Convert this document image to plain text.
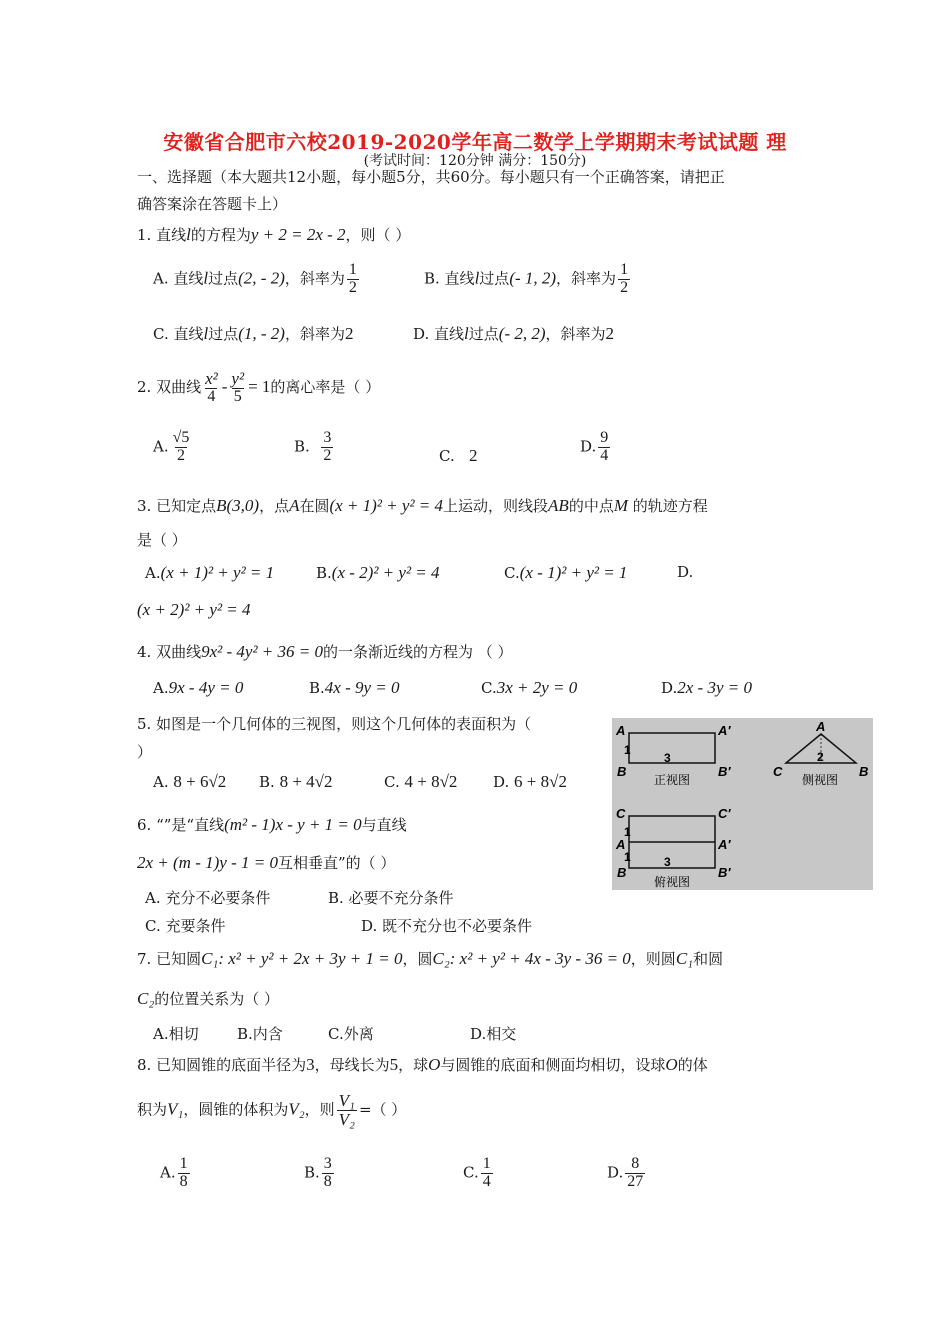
安徽省合肥市六校2019-2020学年高二数学上学期期末考试试题 理
(考试时间：120分钟 满分：150分)
一、选择题（本大题共12小题，每小题5分，共60分。每小题只有一个正确答案，请把正
确答案涂在答题卡上）
1. 直线l的方程为y + 2 = 2x - 2，则（ ）
A. 直线l过点(2, - 2)，斜率为 $\frac{1}{2}$	B. 直线l过点(- 1, 2)，斜率为 $\frac{1}{2}$
C. 直线l过点(1, - 2)，斜率为2	D. 直线l过点(- 2, 2)，斜率为2
2. 双曲线 $\frac{\text{x²}}{4} - \frac{\text{y²}}{5} = 1$的离心率是（ ）
A. $\frac{√5}{2}$	B. $\frac{3}{2}$	C. 2	D. $\frac{9}{4}$
3. 已知定点B(3,0)，点A在圆(x + 1)² + y² = 4上运动，则线段AB的中点M 的轨迹方程
是（ ）
A.(x + 1)² + y² = 1	B.(x - 2)² + y² = 4	C.(x - 1)² + y² = 1	D.
(x + 2)² + y² = 4
4. 双曲线9x² - 4y² + 36 = 0的一条渐近线的方程为 （ ）
A.9x - 4y = 0	B.4x - 9y = 0	C.3x + 2y = 0	D.2x - 3y = 0
5. 如图是一个几何体的三视图，则这个几何体的表面积为（
）
A. 8 + 6√2 B. 8 + 4√2	C. 4 + 8√2 D. 6 + 8√2
A	A′
B	B′
1
3
正视图
A
C	B
2
侧视图
C	C′
A	A′
B	B′
1
1	3
俯视图
6. “”是“直线(m² - 1)x - y + 1 = 0与直线
2x + (m - 1)y - 1 = 0互相垂直”的（ ）
A. 充分不必要条件	B. 必要不充分条件
C. 充要条件	D. 既不充分也不必要条件
7. 已知圆C₁: x² + y² + 2x + 3y + 1 = 0，圆C₂: x² + y² + 4x - 3y - 36 = 0，则圆C₁和圆
C₂的位置关系为（ ）
A.相切	B.内含	C.外离	D.相交
8. 已知圆锥的底面半径为3，母线长为5，球O与圆锥的底面和侧面均相切，设球O的体
积为V₁，圆锥的体积为V₂，则 $\frac{\text{V₁}}{\text{V₂}}$ =（ ）
A. $\frac{1}{8}$	B. $\frac{3}{8}$	C. $\frac{1}{4}$	D. $\frac{8}{27}$
